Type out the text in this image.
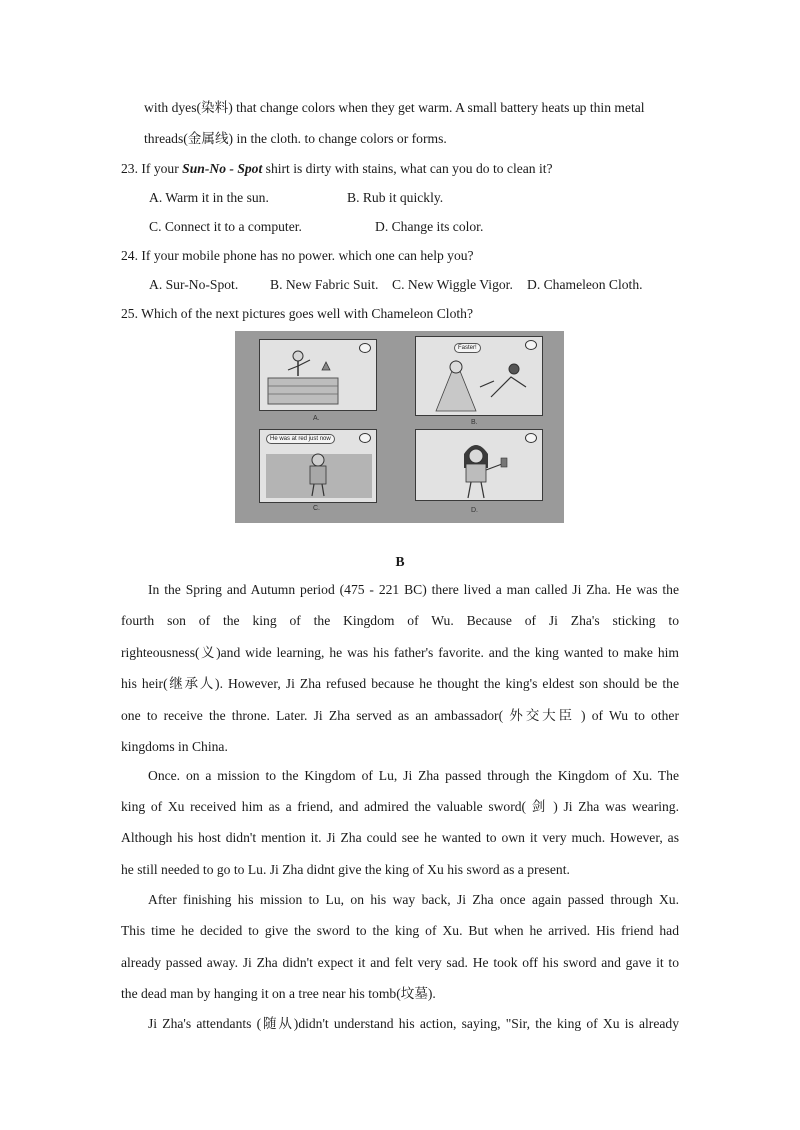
with dyes(染料) that change colors when they get warm. A small battery heats up thin metal
threads(金属线) in the cloth. to change colors or forms.
23. If your Sun-No - Spot shirt is dirty with stains, what can you do to clean it?
A. Warm it in the sun.	B. Rub it quickly.
C. Connect it to a computer.	D. Change its color.
24. If your mobile phone has no power. which one can help you?
A. Sur-No-Spot. B. New Fabric Suit. C. New Wiggle Vigor. D. Chameleon Cloth.
25. Which of the next pictures goes well with Chameleon Cloth?
Faster!
He was at red just now
A.
B.
C.	D.
B
In the Spring and Autumn period (475 - 221 BC) there lived a man called Ji Zha. He was the
fourth son of the king of the Kingdom of Wu. Because of Ji Zha's sticking to
righteousness(义)and wide learning, he was his father's favorite. and the king wanted to make him
his heir(继承人). However, Ji Zha refused because he thought the king's eldest son should be the
one to receive the throne. Later. Ji Zha served as an ambassador( 外交大臣 ) of Wu to other
kingdoms in China.
Once. on a mission to the Kingdom of Lu, Ji Zha passed through the Kingdom of Xu. The
king of Xu received him as a friend, and admired the valuable sword( 剑 ) Ji Zha was wearing.
Although his host didn't mention it. Ji Zha could see he wanted to own it very much. However, as
he still needed to go to Lu. Ji Zha didnt give the king of Xu his sword as a present.
After finishing his mission to Lu, on his way back, Ji Zha once again passed through Xu.
This time he decided to give the sword to the king of Xu. But when he arrived. His friend had
already passed away. Ji Zha didn't expect it and felt very sad. He took off his sword and gave it to
the dead man by hanging it on a tree near his tomb(坟墓).
Ji Zha's attendants (随从)didn't understand his action, saying, "Sir, the king of Xu is already
